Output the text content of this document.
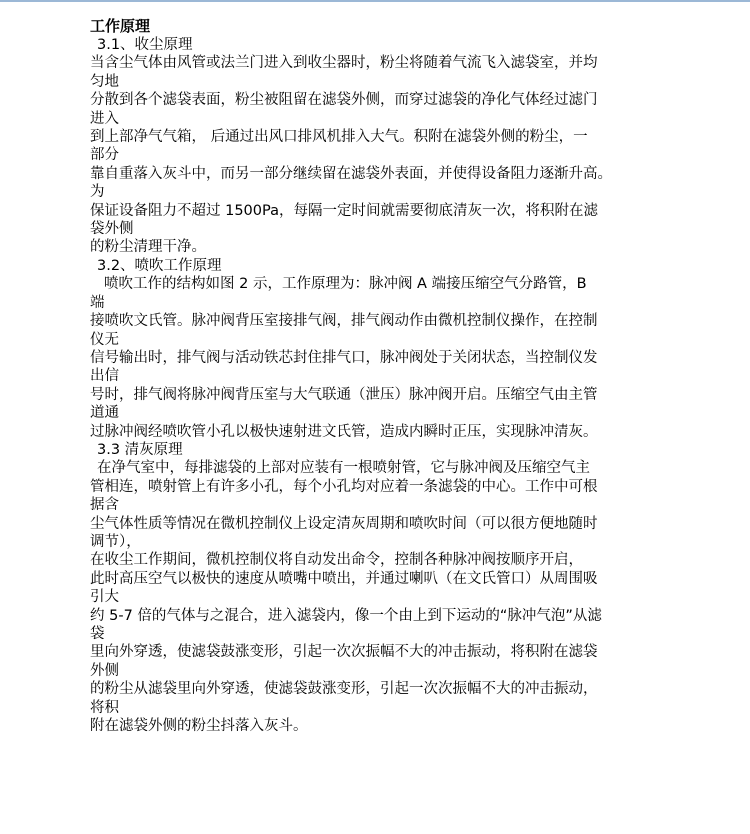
工作原理
3.1、收尘原理
当含尘气体由风管或法兰门进入到收尘器时，粉尘将随着气流飞入滤袋室，并均
匀地
分散到各个滤袋表面，粉尘被阻留在滤袋外侧，而穿过滤袋的净化气体经过滤门
进入
到上部净气气箱， 后通过出风口排风机排入大气。积附在滤袋外侧的粉尘，一
部分
靠自重落入灰斗中，而另一部分继续留在滤袋外表面，并使得设备阻力逐渐升高。
为
保证设备阻力不超过 1500Pa，每隔一定时间就需要彻底清灰一次，将积附在滤
袋外侧
的粉尘清理干净。
3.2、喷吹工作原理
喷吹工作的结构如图 2 示，工作原理为：脉冲阀 A 端接压缩空气分路管，B
端
接喷吹文氏管。脉冲阀背压室接排气阀，排气阀动作由微机控制仪操作，在控制
仪无
信号输出时，排气阀与活动铁芯封住排气口，脉冲阀处于关闭状态，当控制仪发
出信
号时，排气阀将脉冲阀背压室与大气联通（泄压）脉冲阀开启。压缩空气由主管
道通
过脉冲阀经喷吹管小孔以极快速射进文氏管，造成内瞬时正压，实现脉冲清灰。
3.3 清灰原理
在净气室中，每排滤袋的上部对应装有一根喷射管，它与脉冲阀及压缩空气主
管相连，喷射管上有许多小孔，每个小孔均对应着一条滤袋的中心。工作中可根
据含
尘气体性质等情况在微机控制仪上设定清灰周期和喷吹时间（可以很方便地随时
调节），
在收尘工作期间，微机控制仪将自动发出命令，控制各种脉冲阀按顺序开启，
此时高压空气以极快的速度从喷嘴中喷出，并通过喇叭（在文氏管口）从周围吸
引大
约 5-7 倍的气体与之混合，进入滤袋内，像一个由上到下运动的“脉冲气泡”从滤
袋
里向外穿透，使滤袋鼓涨变形，引起一次次振幅不大的冲击振动，将积附在滤袋
外侧
的粉尘从滤袋里向外穿透，使滤袋鼓涨变形，引起一次次振幅不大的冲击振动，
将积
附在滤袋外侧的粉尘抖落入灰斗。
